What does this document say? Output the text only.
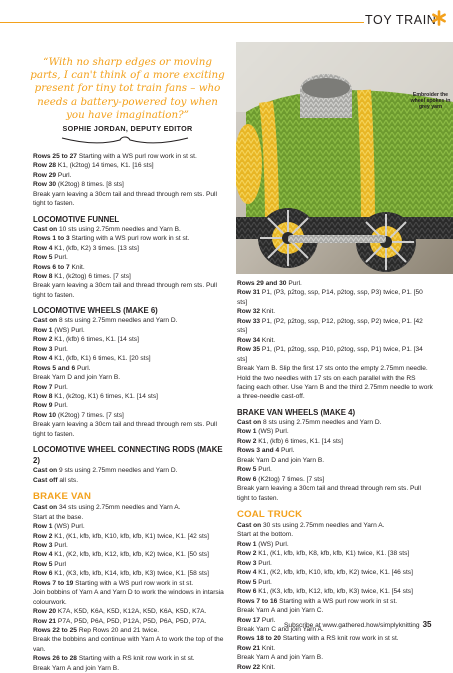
TOY TRAIN

“With no sharp edges or moving parts, I can't think of a more exciting present for tiny tot train fans – who needs a battery-powered toy when you have imagination?”

SOPHIE JORDAN, DEPUTY EDITOR
Embroider the wheel spokes in grey yarn

Rows 25 to 27 Starting with a WS purl row work in st st.

Row 28 K1, (k2tog) 14 times, K1. [16 sts]

Row 29 Purl.

Row 30 (K2tog) 8 times. [8 sts]

Break yarn leaving a 30cm tail and thread through rem sts. Pull tight to fasten.

LOCOMOTIVE FUNNEL

Cast on 10 sts using 2.75mm needles and Yarn B.

Rows 1 to 3 Starting with a WS purl row work in st st.

Row 4 K1, (kfb, K2) 3 times. [13 sts]

Row 5 Purl.

Rows 6 to 7 Knit.

Row 8 K1, (k2tog) 6 times. [7 sts]

Break yarn leaving a 30cm tail and thread through rem sts. Pull tight to fasten.

LOCOMOTIVE WHEELS (MAKE 6)

Cast on 8 sts using 2.75mm needles and Yarn D.

Row 1 (WS) Purl.

Row 2 K1, (kfb) 6 times, K1. [14 sts]

Row 3 Purl.

Row 4 K1, (kfb, K1) 6 times, K1. [20 sts]

Rows 5 and 6 Purl.

Break Yarn D and join Yarn B.

Row 7 Purl.

Row 8 K1, (k2tog, K1) 6 times, K1. [14 sts]

Row 9 Purl.

Row 10 (K2tog) 7 times. [7 sts]

Break yarn leaving a 30cm tail and thread through rem sts. Pull tight to fasten.

LOCOMOTIVE WHEEL CONNECTING RODS (MAKE 2)

Cast on 9 sts using 2.75mm needles and Yarn D.

Cast off all sts.

BRAKE VAN

Cast on 34 sts using 2.75mm needles and Yarn A.

Start at the base.

Row 1 (WS) Purl.

Row 2 K1, (K1, kfb, kfb, K10, kfb, kfb, K1) twice, K1. [42 sts]

Row 3 Purl.

Row 4 K1, (K2, kfb, kfb, K12, kfb, kfb, K2) twice, K1. [50 sts]

Row 5 Purl

Row 6 K1, (K3, kfb, kfb, K14, kfb, kfb, K3) twice, K1. [58 sts]

Rows 7 to 19 Starting with a WS purl row work in st st.

Join bobbins of Yarn A and Yarn D to work the windows in intarsia colourwork.

Row 20 K7A, K5D, K6A, K5D, K12A, K5D, K6A, K5D, K7A.

Row 21 P7A, P5D, P6A, P5D, P12A, P5D, P6A, P5D, P7A.

Rows 22 to 25 Rep Rows 20 and 21 twice.

Break the bobbins and continue with Yarn A to work the top of the van.

Rows 26 to 28 Starting with a RS knit row work in st st.

Break Yarn A and join Yarn B.

Rows 29 and 30 Purl.

Row 31 P1, (P3, p2tog, ssp, P14, p2tog, ssp, P3) twice, P1. [50 sts]

Row 32 Knit.

Row 33 P1, (P2, p2tog, ssp, P12, p2tog, ssp, P2) twice, P1. [42 sts]

Row 34 Knit.

Row 35 P1, (P1, p2tog, ssp, P10, p2tog, ssp, P1) twice, P1. [34 sts]

Break Yarn B. Slip the first 17 sts onto the empty 2.75mm needle. Hold the two needles with 17 sts on each parallel with the RS facing each other. Use Yarn B and the third 2.75mm needle to work a three-needle cast-off.

BRAKE VAN WHEELS (MAKE 4)

Cast on 8 sts using 2.75mm needles and Yarn D.

Row 1 (WS) Purl.

Row 2 K1, (kfb) 6 times, K1. [14 sts]

Rows 3 and 4 Purl.

Break Yarn D and join Yarn B.

Row 5 Purl.

Row 6 (K2tog) 7 times. [7 sts]

Break yarn leaving a 30cm tail and thread through rem sts. Pull tight to fasten.

COAL TRUCK

Cast on 30 sts using 2.75mm needles and Yarn A.

Start at the bottom.

Row 1 (WS) Purl.

Row 2 K1, (K1, kfb, kfb, K8, kfb, kfb, K1) twice, K1. [38 sts]

Row 3 Purl.

Row 4 K1, (K2, kfb, kfb, K10, kfb, kfb, K2) twice, K1. [46 sts]

Row 5 Purl.

Row 6 K1, (K3, kfb, kfb, K12, kfb, kfb, K3) twice, K1. [54 sts]

Rows 7 to 16 Starting with a WS purl row work in st st.

Break Yarn A and join Yarn C.

Row 17 Purl.

Break Yarn C and join Yarn A.

Rows 18 to 20 Starting with a RS knit row work in st st.

Row 21 Knit.

Break Yarn A and join Yarn B.

Row 22 Knit.

Subscribe at www.gathered.how/simplyknitting 35
